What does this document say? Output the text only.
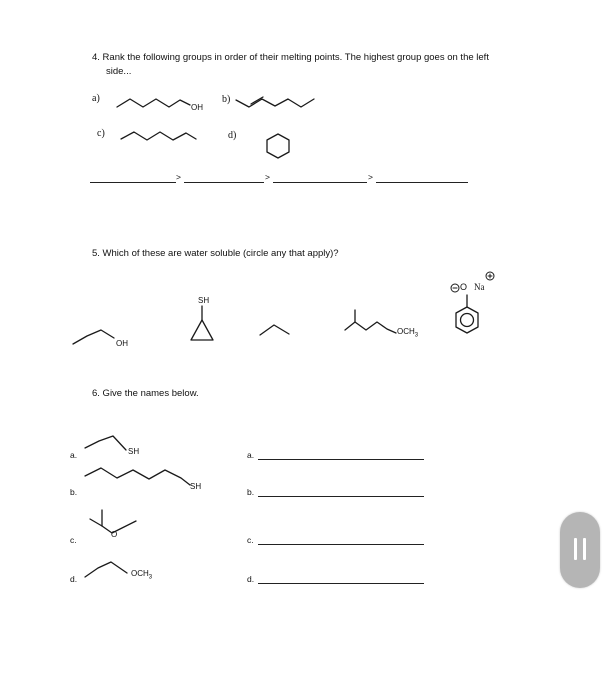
4. Rank the following groups in order of their melting points. The highest group goes on the left
side...
a)	b)
c)	d)
OH
>	>	>
5. Which of these are water soluble (circle any that apply)?
OH
SH
$OCH_3$
O Na
6. Give the names below.
a.
b.
c.
d.
SH
SH
O
$OCH_3$
a.
b.
c.
d.
